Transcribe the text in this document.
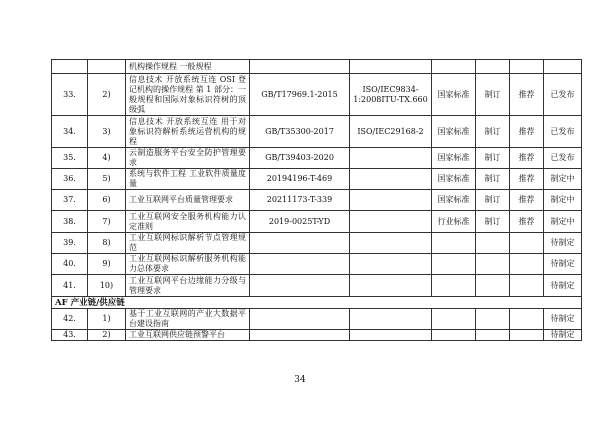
		机构操作规程 一般规程						
33.	2)	信息技术 开放系统互连 OSI 登记机构的操作规程 第 1 部分：一般规程和国际对象标识符树的顶级弧	GB/T17969.1-2015	ISO/IEC9834-1:2008ITU-TX.660	国家标准	制订	推荐	已发布
34.	3)	信息技术 开放系统互连 用于对象标识符解析系统运营机构的规程	GB/T35300-2017	ISO/IEC29168-2	国家标准	制订	推荐	已发布
35.	4)	云制造服务平台安全防护管理要求	GB/T39403-2020		国家标准	制订	推荐	已发布
36.	5)	系统与软件工程 工业软件质量度量	20194196-T-469		国家标准	制订	推荐	制定中
37.	6)	工业互联网平台质量管理要求	20211173-T-339		国家标准	制订	推荐	制定中
38.	7)	工业互联网安全服务机构能力认定准则	2019-0025T-YD		行业标准	制订	推荐	制定中
39.	8)	工业互联网标识解析节点管理规范						待制定
40.	9)	工业互联网标识解析服务机构能力总体要求						待制定
41.	10)	工业互联网平台边缘能力分级与管理要求						待制定
AF 产业链/供应链								
42.	1)	基于工业互联网的产业大数据平台建设指南						待制定
43.	2)	工业互联网供应链预警平台						待制定
34
